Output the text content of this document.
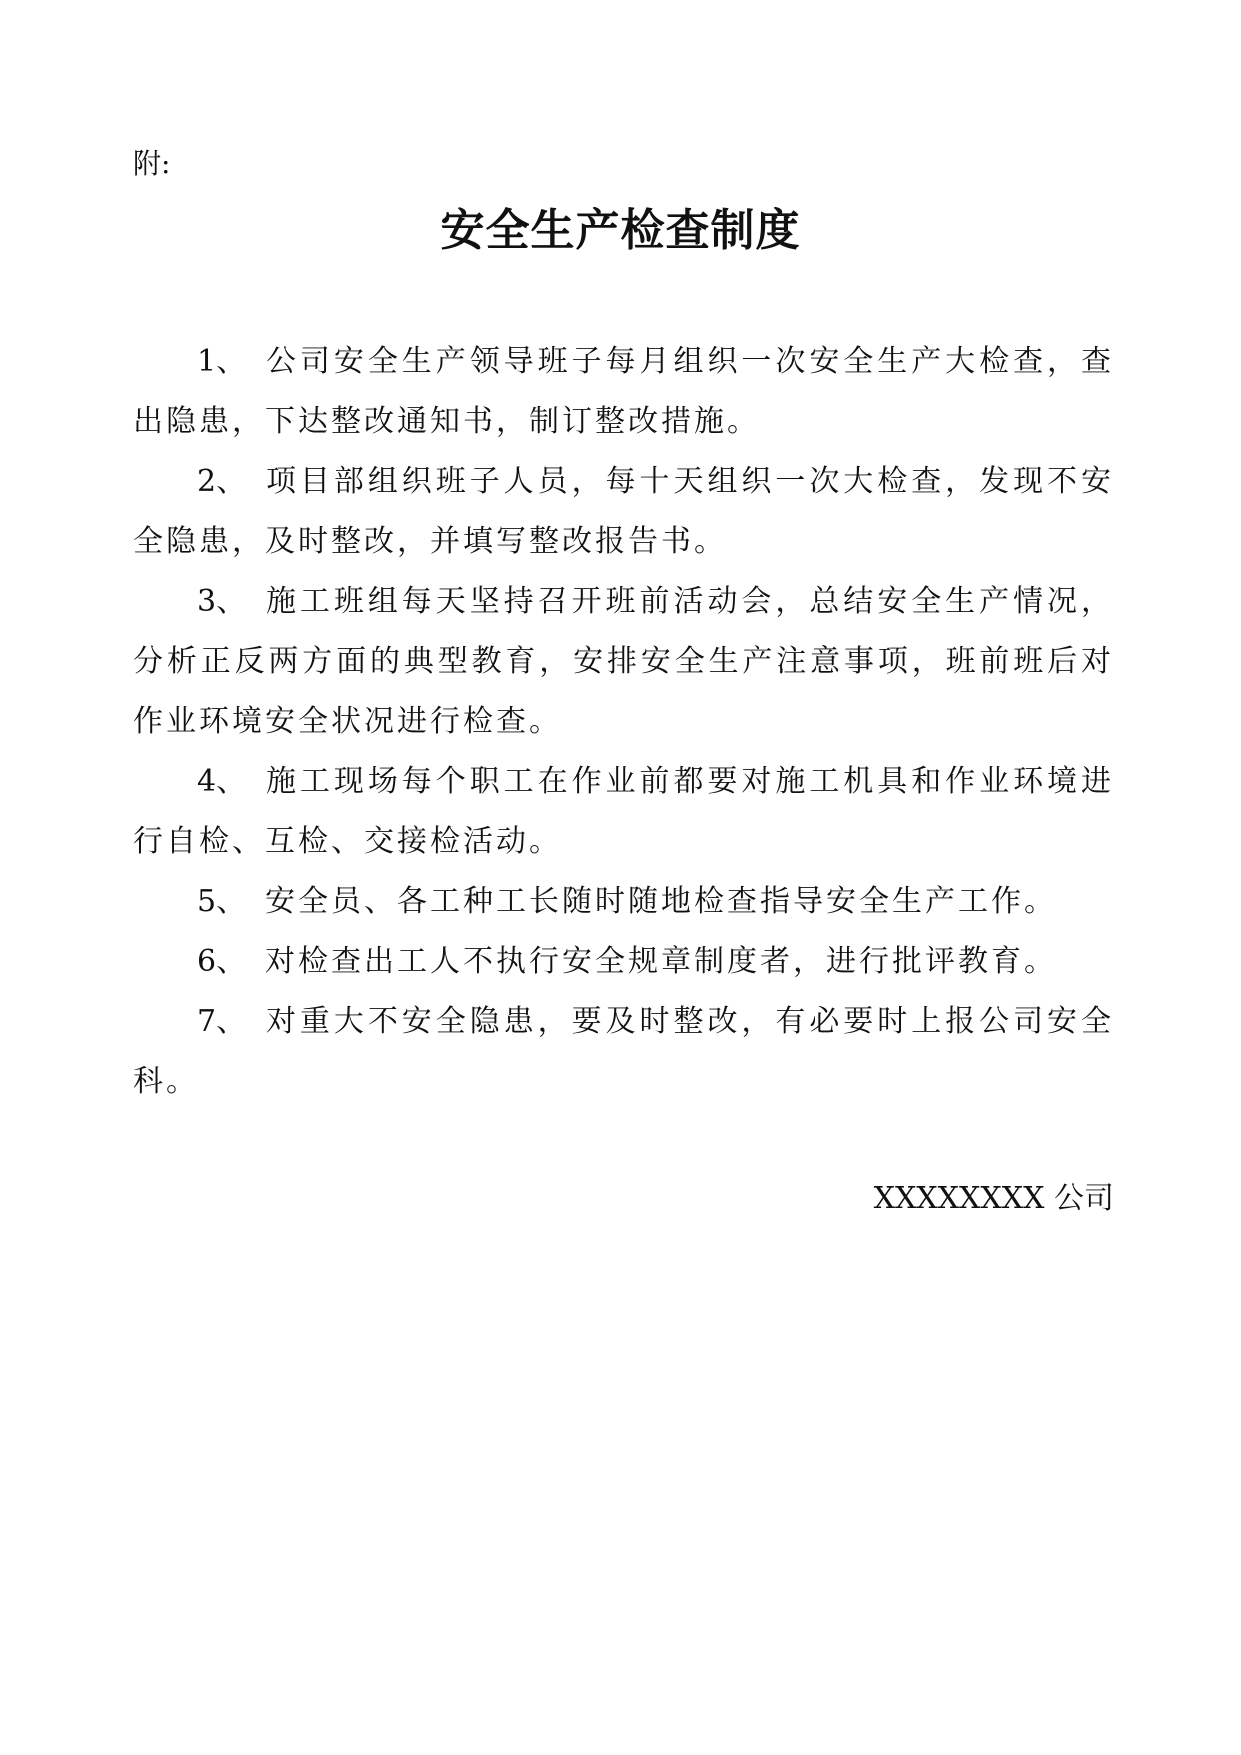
附:
安全生产检查制度

1、 公司安全生产领导班子每月组织一次安全生产大检查，查出隐患，下达整改通知书，制订整改措施。

2、 项目部组织班子人员，每十天组织一次大检查，发现不安全隐患，及时整改，并填写整改报告书。

3、 施工班组每天坚持召开班前活动会，总结安全生产情况，分析正反两方面的典型教育，安排安全生产注意事项，班前班后对作业环境安全状况进行检查。

4、 施工现场每个职工在作业前都要对施工机具和作业环境进行自检、互检、交接检活动。

5、 安全员、各工种工长随时随地检查指导安全生产工作。

6、 对检查出工人不执行安全规章制度者，进行批评教育。

7、 对重大不安全隐患，要及时整改，有必要时上报公司安全科。

XXXXXXXX 公司
